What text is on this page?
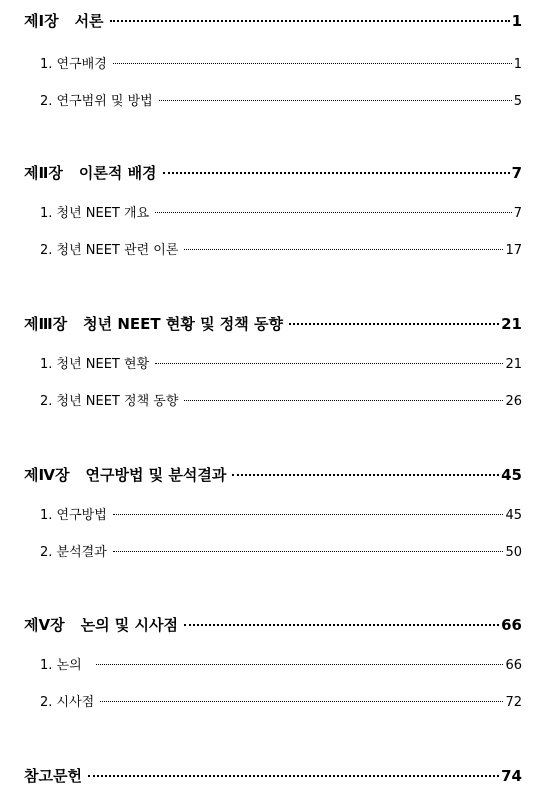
제Ⅰ장 서론	1
1. 연구배경	1
2. 연구범위 및 방법	5
제Ⅱ장 이론적 배경	7
1. 청년 NEET 개요	7
2. 청년 NEET 관련 이론	17
제Ⅲ장 청년 NEET 현황 및 정책 동향	21
1. 청년 NEET 현황	21
2. 청년 NEET 정책 동향	26
제Ⅳ장 연구방법 및 분석결과	45
1. 연구방법	45
2. 분석결과	50
제Ⅴ장 논의 및 시사점	66
1. 논의	66
2. 시사점	72
참고문헌	74
